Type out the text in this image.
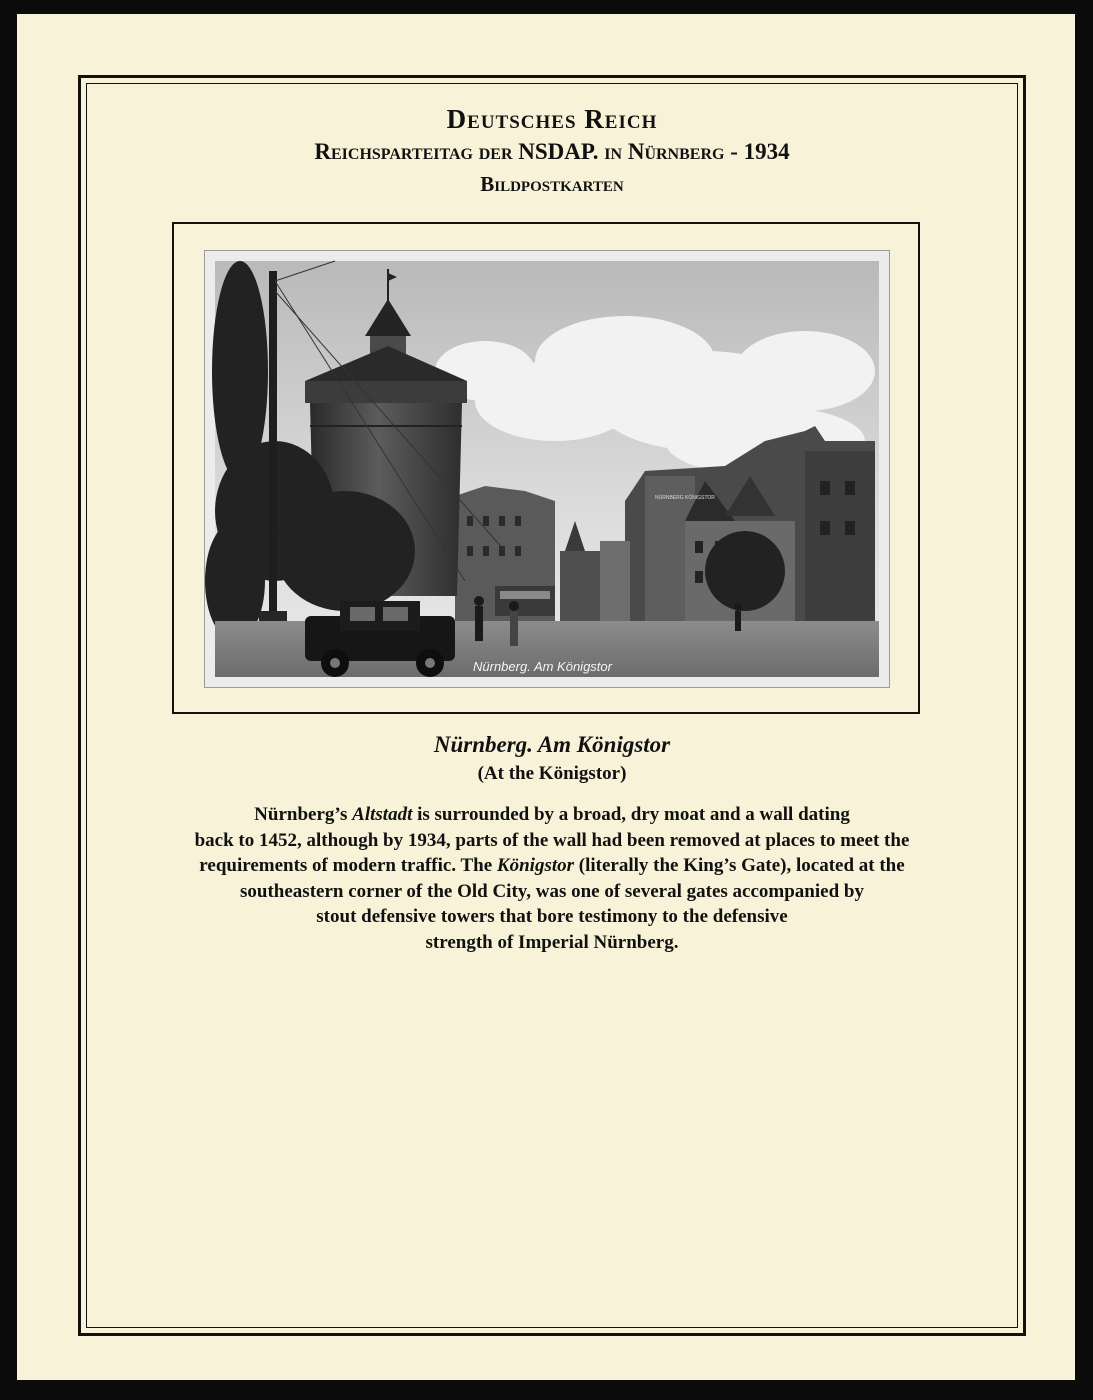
Deutsches Reich
Reichsparteitag der NSDAP. in Nürnberg - 1934
Bildpostkarten
Nürnberg. Am Königstor
NÜRNBERG KÖNIGSTOR
Nürnberg. Am Königstor
(At the Königstor)
Nürnberg’s Altstadt is surrounded by a broad, dry moat and a wall dating
back to 1452, although by 1934, parts of the wall had been removed at places to meet the
requirements of modern traffic. The Königstor (literally the King’s Gate), located at the
southeastern corner of the Old City, was one of several gates accompanied by
stout defensive towers that bore testimony to the defensive
strength of Imperial Nürnberg.
